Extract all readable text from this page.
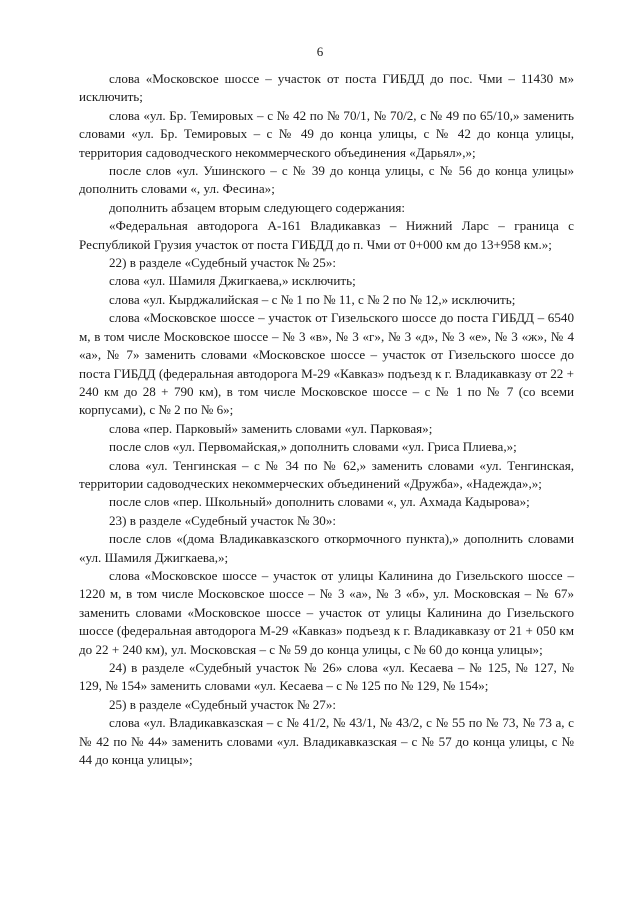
6

слова «Московское шоссе – участок от поста ГИБДД до пос. Чми – 11430 м» исключить;

слова «ул. Бр. Темировых – с № 42 по № 70/1, № 70/2, с № 49 по 65/10,» заменить словами «ул. Бр. Темировых – с № 49 до конца улицы, с № 42 до конца улицы, территория садоводческого некоммерческого объединения «Дарьял»,»;

после слов «ул. Ушинского – с № 39 до конца улицы, с № 56 до конца улицы» дополнить словами «, ул. Фесина»;

дополнить абзацем вторым следующего содержания:

«Федеральная автодорога А-161 Владикавказ – Нижний Ларс – граница с Республикой Грузия участок от поста ГИБДД до п. Чми от 0+000 км до 13+958 км.»;

22) в разделе «Судебный участок № 25»:

слова «ул. Шамиля Джигкаева,» исключить;

слова «ул. Кырджалийская – с № 1 по № 11, с № 2 по № 12,» исключить;

слова «Московское шоссе – участок от Гизельского шоссе до поста ГИБДД – 6540 м, в том числе Московское шоссе – № 3 «в», № 3 «г», № 3 «д», № 3 «е», № 3 «ж», № 4 «а», № 7» заменить словами «Московское шоссе – участок от Гизельского шоссе до поста ГИБДД (федеральная автодорога М-29 «Кавказ» подъезд к г. Владикавказу от 22 + 240 км до 28 + 790 км), в том числе Московское шоссе – с № 1 по № 7 (со всеми корпусами), с № 2 по № 6»;

слова «пер. Парковый» заменить словами «ул. Парковая»;

после слов «ул. Первомайская,» дополнить словами «ул. Гриса Плиева,»;

слова «ул. Тенгинская – с № 34 по № 62,» заменить словами «ул. Тенгинская, территории садоводческих некоммерческих объединений «Дружба», «Надежда»,»;

после слов «пер. Школьный» дополнить словами «, ул. Ахмада Кадырова»;

23) в разделе «Судебный участок № 30»:

после слов «(дома Владикавказского откормочного пункта),» дополнить словами «ул. Шамиля Джигкаева,»;

слова «Московское шоссе – участок от улицы Калинина до Гизельского шоссе – 1220 м, в том числе Московское шоссе – № 3 «а», № 3 «б», ул. Московская – № 67» заменить словами «Московское шоссе – участок от улицы Калинина до Гизельского шоссе (федеральная автодорога М-29 «Кавказ» подъезд к г. Владикавказу от 21 + 050 км до 22 + 240 км), ул. Московская – с № 59 до конца улицы, с № 60 до конца улицы»;

24) в разделе «Судебный участок № 26» слова «ул. Кесаева – № 125, № 127, № 129, № 154» заменить словами «ул. Кесаева – с № 125 по № 129, № 154»;

25) в разделе «Судебный участок № 27»:

слова «ул. Владикавказская – с № 41/2, № 43/1, № 43/2, с № 55 по № 73, № 73 а, с № 42 по № 44» заменить словами «ул. Владикавказская – с № 57 до конца улицы, с № 44 до конца улицы»;
